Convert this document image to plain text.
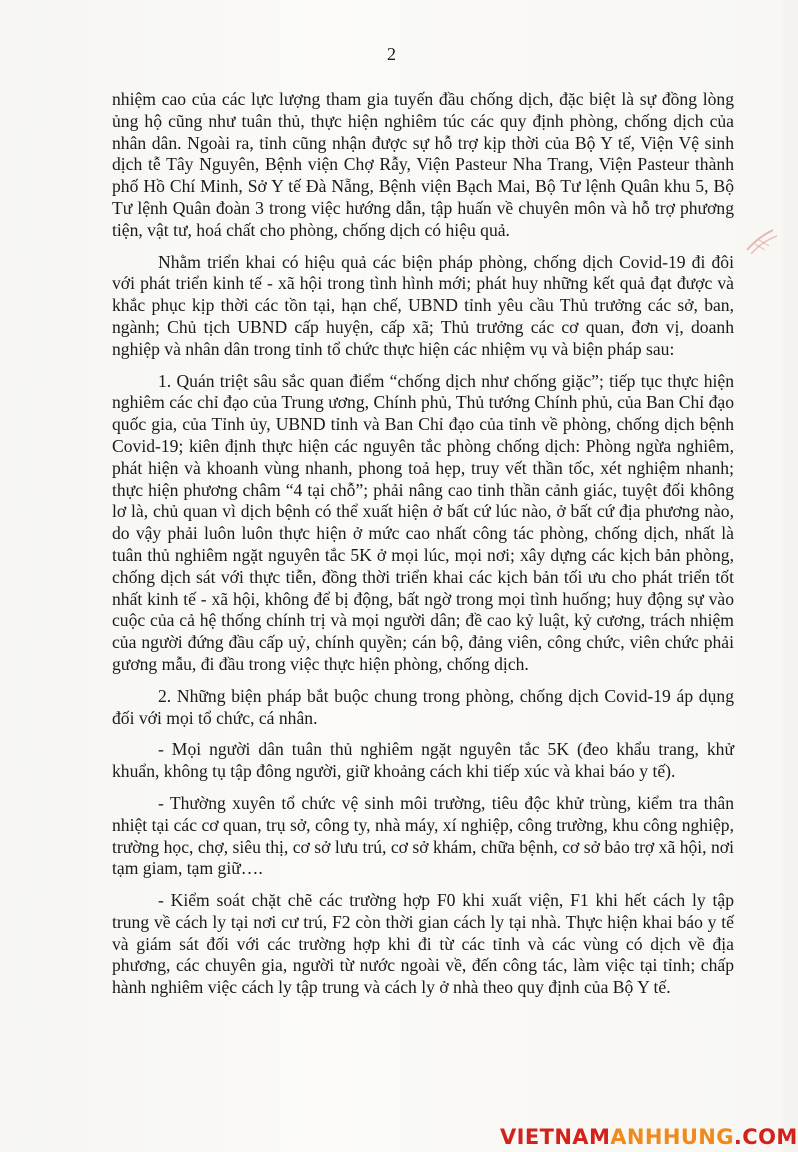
2

nhiệm cao của các lực lượng tham gia tuyến đầu chống dịch, đặc biệt là sự đồng lòng ủng hộ cũng như tuân thủ, thực hiện nghiêm túc các quy định phòng, chống dịch của nhân dân. Ngoài ra, tỉnh cũng nhận được sự hỗ trợ kịp thời của Bộ Y tế, Viện Vệ sinh dịch tễ Tây Nguyên, Bệnh viện Chợ Rẫy, Viện Pasteur Nha Trang, Viện Pasteur thành phố Hồ Chí Minh, Sở Y tế Đà Nẵng, Bệnh viện Bạch Mai, Bộ Tư lệnh Quân khu 5, Bộ Tư lệnh Quân đoàn 3 trong việc hướng dẫn, tập huấn về chuyên môn và hỗ trợ phương tiện, vật tư, hoá chất cho phòng, chống dịch có hiệu quả.

Nhằm triển khai có hiệu quả các biện pháp phòng, chống dịch Covid-19 đi đôi với phát triển kinh tế - xã hội trong tình hình mới; phát huy những kết quả đạt được và khắc phục kịp thời các tồn tại, hạn chế, UBND tỉnh yêu cầu Thủ trưởng các sở, ban, ngành; Chủ tịch UBND cấp huyện, cấp xã; Thủ trưởng các cơ quan, đơn vị, doanh nghiệp và nhân dân trong tỉnh tổ chức thực hiện các nhiệm vụ và biện pháp sau:

1. Quán triệt sâu sắc quan điểm “chống dịch như chống giặc”; tiếp tục thực hiện nghiêm các chỉ đạo của Trung ương, Chính phủ, Thủ tướng Chính phủ, của Ban Chỉ đạo quốc gia, của Tỉnh ủy, UBND tỉnh và Ban Chỉ đạo của tỉnh về phòng, chống dịch bệnh Covid-19; kiên định thực hiện các nguyên tắc phòng chống dịch: Phòng ngừa nghiêm, phát hiện và khoanh vùng nhanh, phong toả hẹp, truy vết thần tốc, xét nghiệm nhanh; thực hiện phương châm “4 tại chỗ”; phải nâng cao tinh thần cảnh giác, tuyệt đối không lơ là, chủ quan vì dịch bệnh có thể xuất hiện ở bất cứ lúc nào, ở bất cứ địa phương nào, do vậy phải luôn luôn thực hiện ở mức cao nhất công tác phòng, chống dịch, nhất là tuân thủ nghiêm ngặt nguyên tắc 5K ở mọi lúc, mọi nơi; xây dựng các kịch bản phòng, chống dịch sát với thực tiễn, đồng thời triển khai các kịch bản tối ưu cho phát triển tốt nhất kinh tế - xã hội, không để bị động, bất ngờ trong mọi tình huống; huy động sự vào cuộc của cả hệ thống chính trị và mọi người dân; đề cao kỷ luật, kỷ cương, trách nhiệm của người đứng đầu cấp uỷ, chính quyền; cán bộ, đảng viên, công chức, viên chức phải gương mẫu, đi đầu trong việc thực hiện phòng, chống dịch.

2. Những biện pháp bắt buộc chung trong phòng, chống dịch Covid-19 áp dụng đối với mọi tổ chức, cá nhân.

- Mọi người dân tuân thủ nghiêm ngặt nguyên tắc 5K (đeo khẩu trang, khử khuẩn, không tụ tập đông người, giữ khoảng cách khi tiếp xúc và khai báo y tế).

- Thường xuyên tổ chức vệ sinh môi trường, tiêu độc khử trùng, kiểm tra thân nhiệt tại các cơ quan, trụ sở, công ty, nhà máy, xí nghiệp, công trường, khu công nghiệp, trường học, chợ, siêu thị, cơ sở lưu trú, cơ sở khám, chữa bệnh, cơ sở bảo trợ xã hội, nơi tạm giam, tạm giữ….

- Kiểm soát chặt chẽ các trường hợp F0 khi xuất viện, F1 khi hết cách ly tập trung về cách ly tại nơi cư trú, F2 còn thời gian cách ly tại nhà. Thực hiện khai báo y tế và giám sát đối với các trường hợp khi đi từ các tỉnh và các vùng có dịch về địa phương, các chuyên gia, người từ nước ngoài về, đến công tác, làm việc tại tỉnh; chấp hành nghiêm việc cách ly tập trung và cách ly ở nhà theo quy định của Bộ Y tế.

VIETNAMANHHUNG.COM
